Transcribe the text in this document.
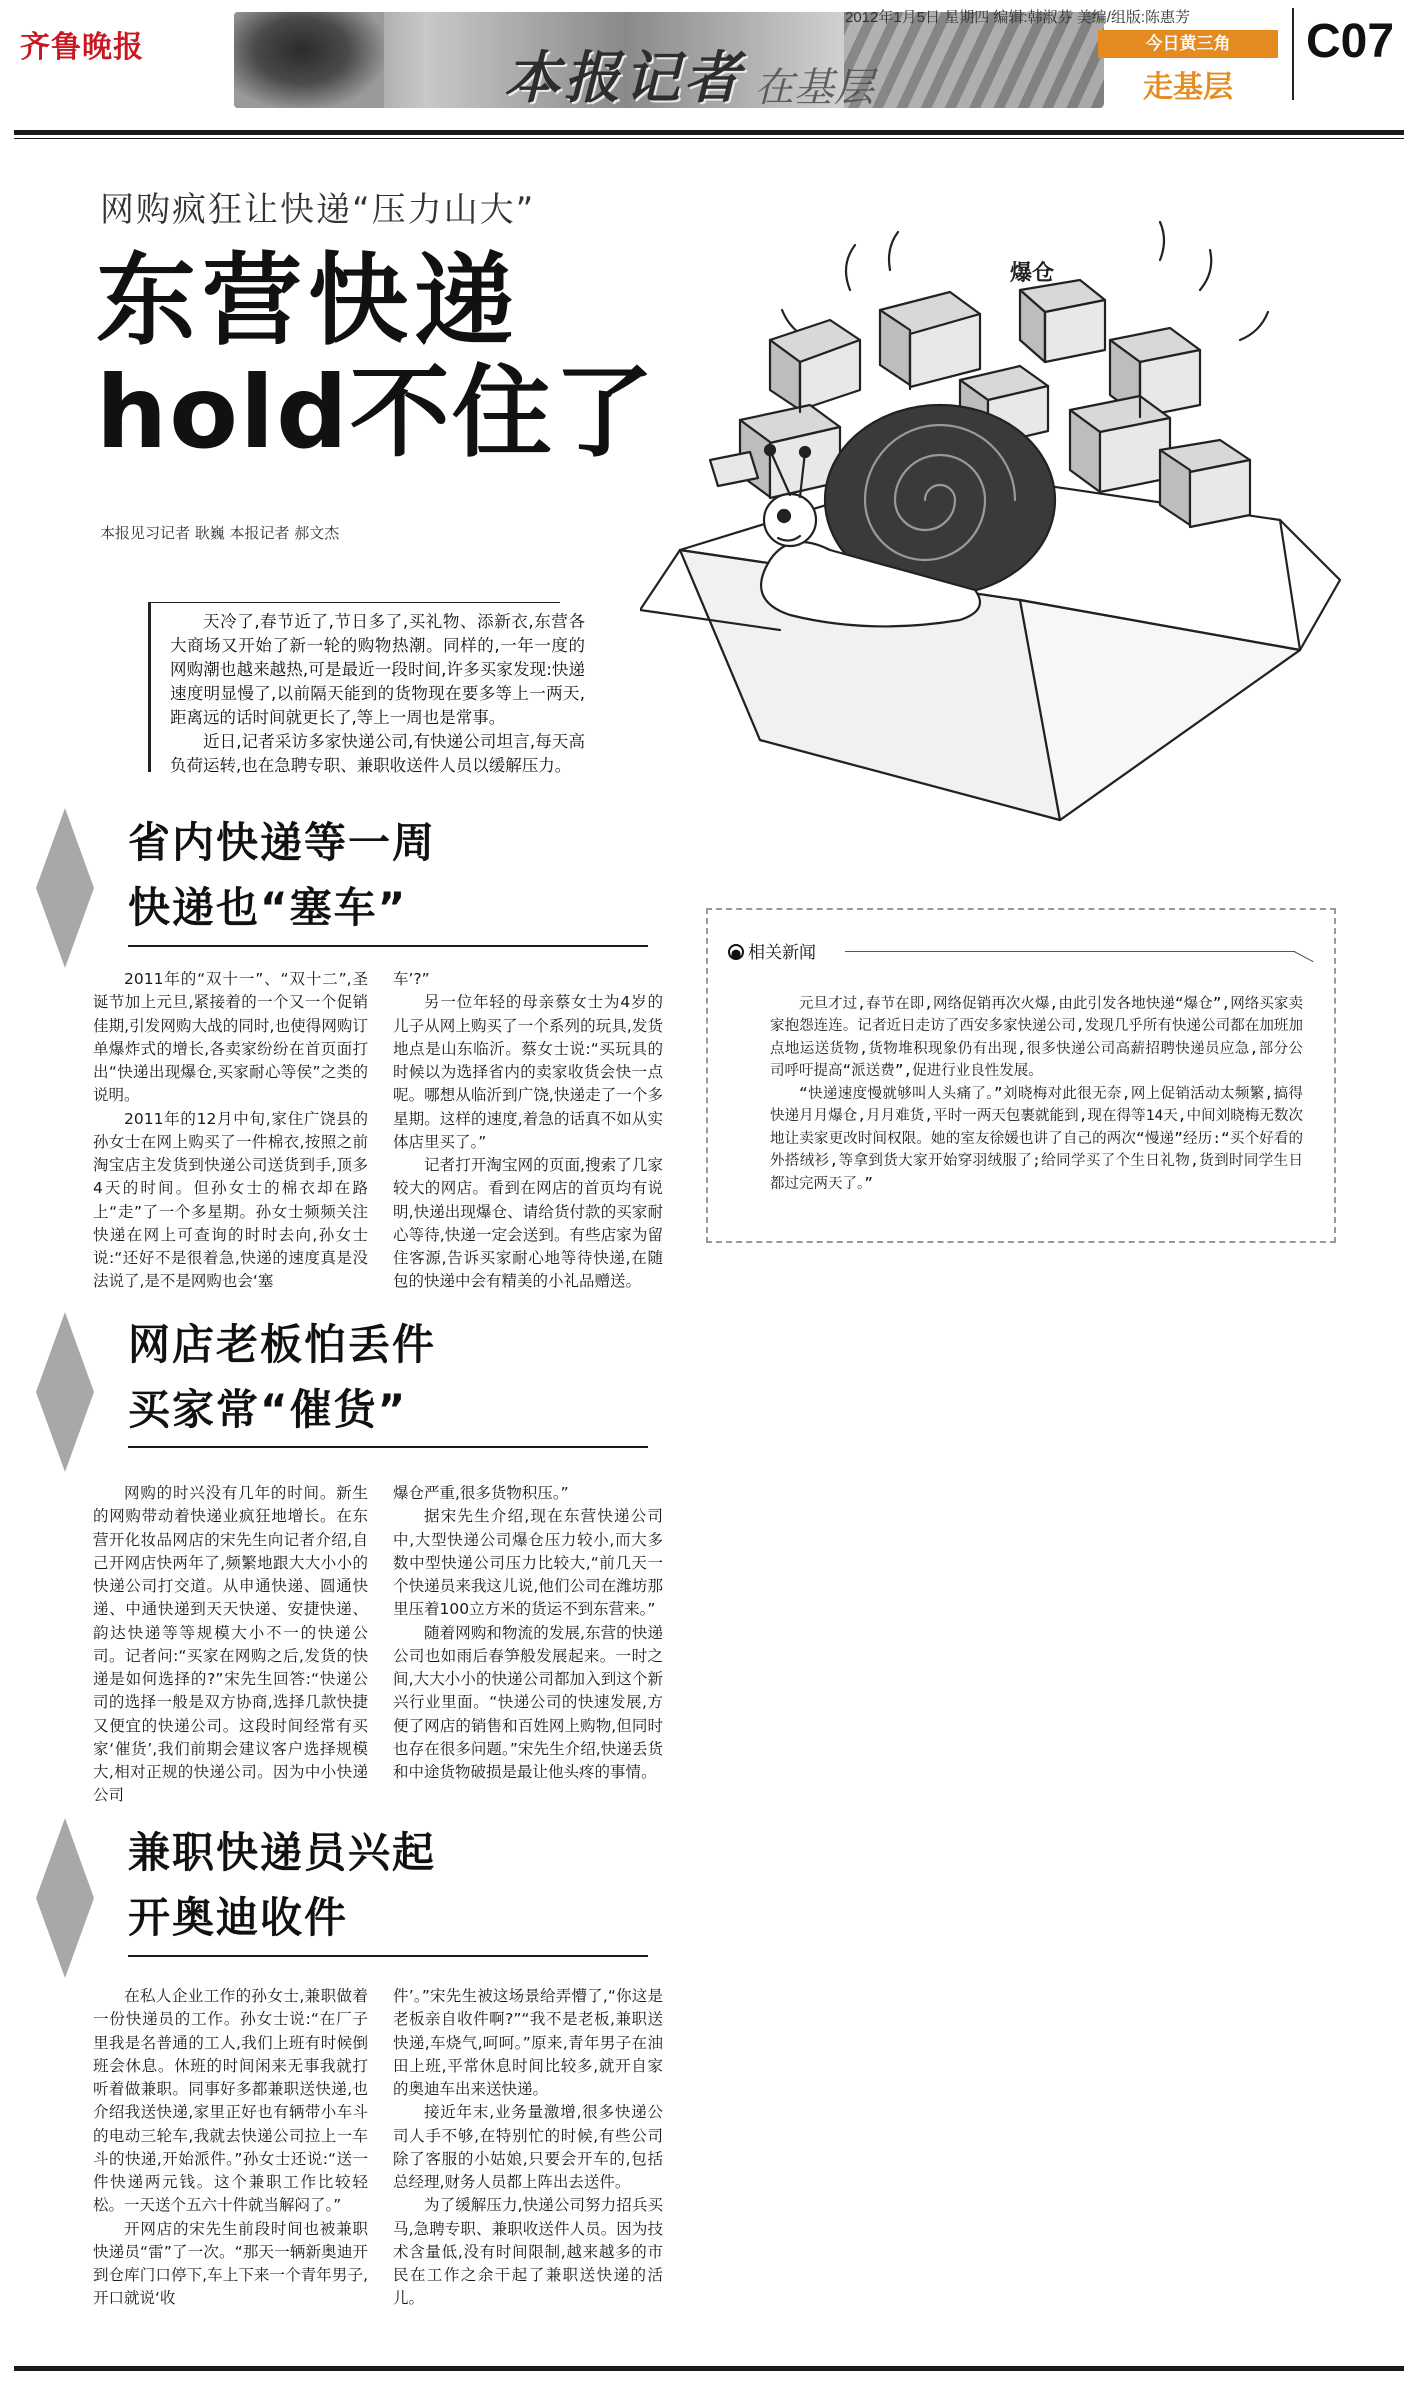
齐鲁晚报	本报记者 在基层
2012年1月5日 星期四 编辑:韩淑芬 美编/组版:陈惠芳
今日黄三角
走基层
C07
网购疯狂让快递“压力山大”
东营快递
hold不住了
本报见习记者 耿巍 本报记者 郝文杰

天冷了,春节近了,节日多了,买礼物、添新衣,东营各大商场又开始了新一轮的购物热潮。同样的,一年一度的网购潮也越来越热,可是最近一段时间,许多买家发现:快递速度明显慢了,以前隔天能到的货物现在要多等上一两天,距离远的话时间就更长了,等上一周也是常事。

近日,记者采访多家快递公司,有快递公司坦言,每天高负荷运转,也在急聘专职、兼职收送件人员以缓解压力。

爆仓
省内快递等一周
快递也“塞车”

2011年的“双十一”、“双十二”,圣诞节加上元旦,紧接着的一个又一个促销佳期,引发网购大战的同时,也使得网购订单爆炸式的增长,各卖家纷纷在首页面打出“快递出现爆仓,买家耐心等侯”之类的说明。

2011年的12月中旬,家住广饶县的孙女士在网上购买了一件棉衣,按照之前淘宝店主发货到快递公司送货到手,顶多4天的时间。但孙女士的棉衣却在路上“走”了一个多星期。孙女士频频关注快递在网上可查询的时时去向,孙女士说:“还好不是很着急,快递的速度真是没法说了,是不是网购也会‘塞

车’?”

另一位年轻的母亲蔡女士为4岁的儿子从网上购买了一个系列的玩具,发货地点是山东临沂。蔡女士说:“买玩具的时候以为选择省内的卖家收货会快一点呢。哪想从临沂到广饶,快递走了一个多星期。这样的速度,着急的话真不如从实体店里买了。”

记者打开淘宝网的页面,搜索了几家较大的网店。看到在网店的首页均有说明,快递出现爆仓、请给货付款的买家耐心等待,快递一定会送到。有些店家为留住客源,告诉买家耐心地等待快递,在随包的快递中会有精美的小礼品赠送。

相关新闻

元旦才过,春节在即,网络促销再次火爆,由此引发各地快递“爆仓”,网络买家卖家抱怨连连。记者近日走访了西安多家快递公司,发现几乎所有快递公司都在加班加点地运送货物,货物堆积现象仍有出现,很多快递公司高薪招聘快递员应急,部分公司呼吁提高“派送费”,促进行业良性发展。

“快递速度慢就够叫人头痛了。”刘晓梅对此很无奈,网上促销活动太频繁,搞得快递月月爆仓,月月难货,平时一两天包裹就能到,现在得等14天,中间刘晓梅无数次地让卖家更改时间权限。她的室友徐媛也讲了自己的两次“慢递”经历:“买个好看的外搭绒衫,等拿到货大家开始穿羽绒服了;给同学买了个生日礼物,货到时同学生日都过完两天了。”

网店老板怕丢件
买家常“催货”

网购的时兴没有几年的时间。新生的网购带动着快递业疯狂地增长。在东营开化妆品网店的宋先生向记者介绍,自己开网店快两年了,频繁地跟大大小小的快递公司打交道。从申通快递、圆通快递、中通快递到天天快递、安捷快递、韵达快递等等规模大小不一的快递公司。记者问:“买家在网购之后,发货的快递是如何选择的?”宋先生回答:“快递公司的选择一般是双方协商,选择几款快捷又便宜的快递公司。这段时间经常有买家‘催货’,我们前期会建议客户选择规模大,相对正规的快递公司。因为中小快递公司

爆仓严重,很多货物积压。”

据宋先生介绍,现在东营快递公司中,大型快递公司爆仓压力较小,而大多数中型快递公司压力比较大,“前几天一个快递员来我这儿说,他们公司在潍坊那里压着100立方米的货运不到东营来。”

随着网购和物流的发展,东营的快递公司也如雨后春笋般发展起来。一时之间,大大小小的快递公司都加入到这个新兴行业里面。“快递公司的快速发展,方便了网店的销售和百姓网上购物,但同时也存在很多问题。”宋先生介绍,快递丢货和中途货物破损是最让他头疼的事情。

兼职快递员兴起
开奥迪收件

在私人企业工作的孙女士,兼职做着一份快递员的工作。孙女士说:“在厂子里我是名普通的工人,我们上班有时候倒班会休息。休班的时间闲来无事我就打听着做兼职。同事好多都兼职送快递,也介绍我送快递,家里正好也有辆带小车斗的电动三轮车,我就去快递公司拉上一车斗的快递,开始派件。”孙女士还说:“送一件快递两元钱。这个兼职工作比较轻松。一天送个五六十件就当解闷了。”

开网店的宋先生前段时间也被兼职快递员“雷”了一次。“那天一辆新奥迪开到仓库门口停下,车上下来一个青年男子,开口就说‘收

件’。”宋先生被这场景给弄懵了,“你这是老板亲自收件啊?”“我不是老板,兼职送快递,车烧气,呵呵。”原来,青年男子在油田上班,平常休息时间比较多,就开自家的奥迪车出来送快递。

接近年末,业务量激增,很多快递公司人手不够,在特别忙的时候,有些公司除了客服的小姑娘,只要会开车的,包括总经理,财务人员都上阵出去送件。

为了缓解压力,快递公司努力招兵买马,急聘专职、兼职收送件人员。因为技术含量低,没有时间限制,越来越多的市民在工作之余干起了兼职送快递的活儿。
